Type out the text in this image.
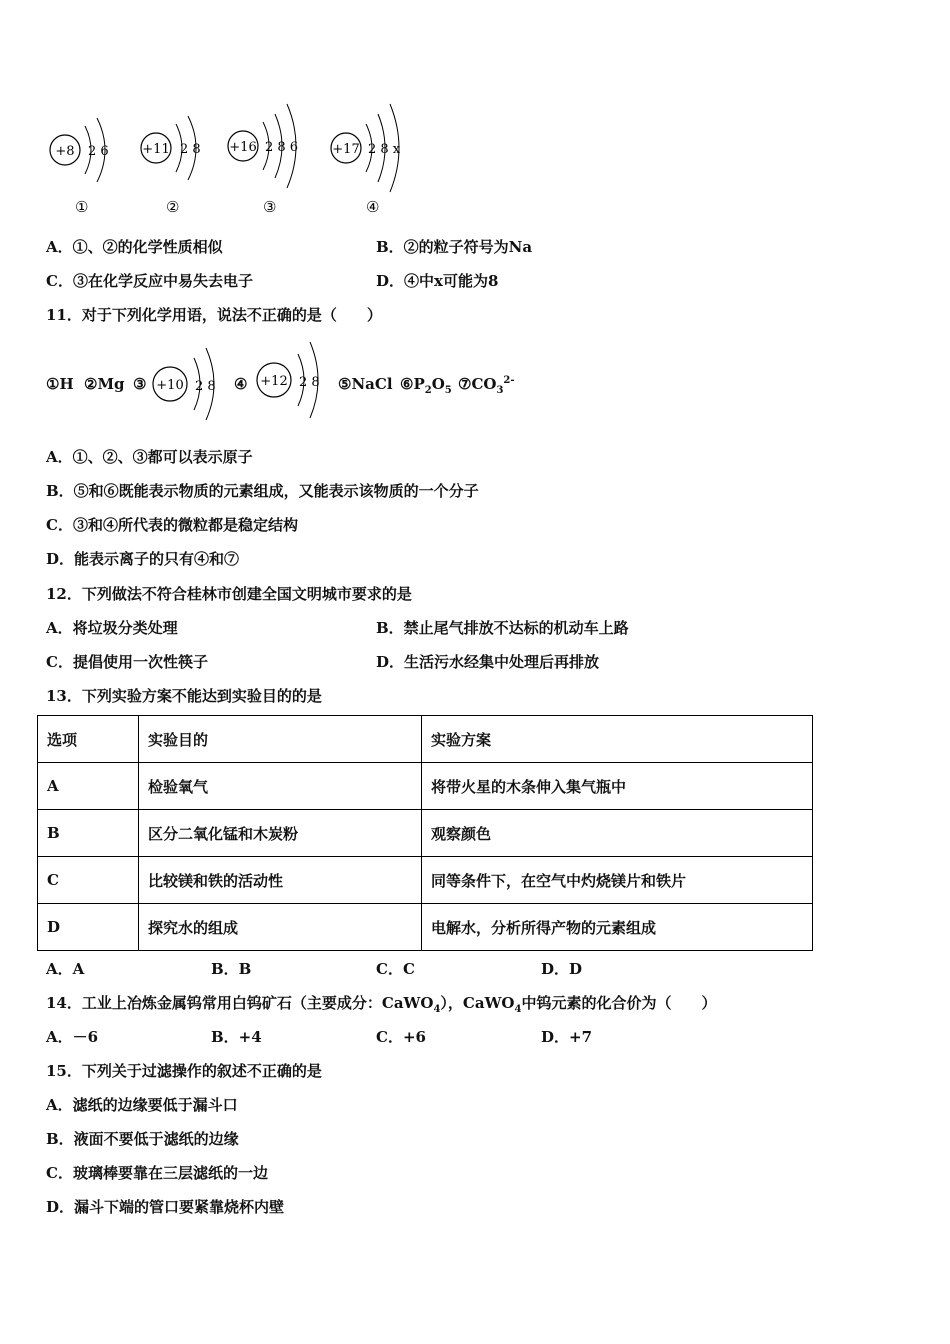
+8 2 6
①
+11 2 8
②
+16 2 8 6
③
+17 2 8 x
④
A．①、②的化学性质相似	B．②的粒子符号为Na
C．③在化学反应中易失去电子	D．④中x可能为8
11．对于下列化学用语，说法不正确的是（　　）
①H ②Mg ③ +10 2 8 ④ +12 2 8 ⑤NaCl $⑥P_2O_5$ $⑦CO_3^{2-}$
A．①、②、③都可以表示原子
B．⑤和⑥既能表示物质的元素组成，又能表示该物质的一个分子
C．③和④所代表的微粒都是稳定结构
D．能表示离子的只有④和⑦
12．下列做法不符合桂林市创建全国文明城市要求的是
A．将垃圾分类处理	B．禁止尾气排放不达标的机动车上路
C．提倡使用一次性筷子	D．生活污水经集中处理后再排放
13．下列实验方案不能达到实验目的的是
选项	实验目的	实验方案
A	检验氧气	将带火星的木条伸入集气瓶中
B	区分二氧化锰和木炭粉	观察颜色
C	比较镁和铁的活动性	同等条件下，在空气中灼烧镁片和铁片
D	探究水的组成	电解水，分析所得产物的元素组成
A．A	B．B	C．C	D．D
14．工业上冶炼金属钨常用白钨矿石（主要成分：CaWO$_4$），CaWO$_4$中钨元素的化合价为（　　）
A．－6	B．+4	C．+6	D．+7
15．下列关于过滤操作的叙述不正确的是
A．滤纸的边缘要低于漏斗口
B．液面不要低于滤纸的边缘
C．玻璃棒要靠在三层滤纸的一边
D．漏斗下端的管口要紧靠烧杯内壁
